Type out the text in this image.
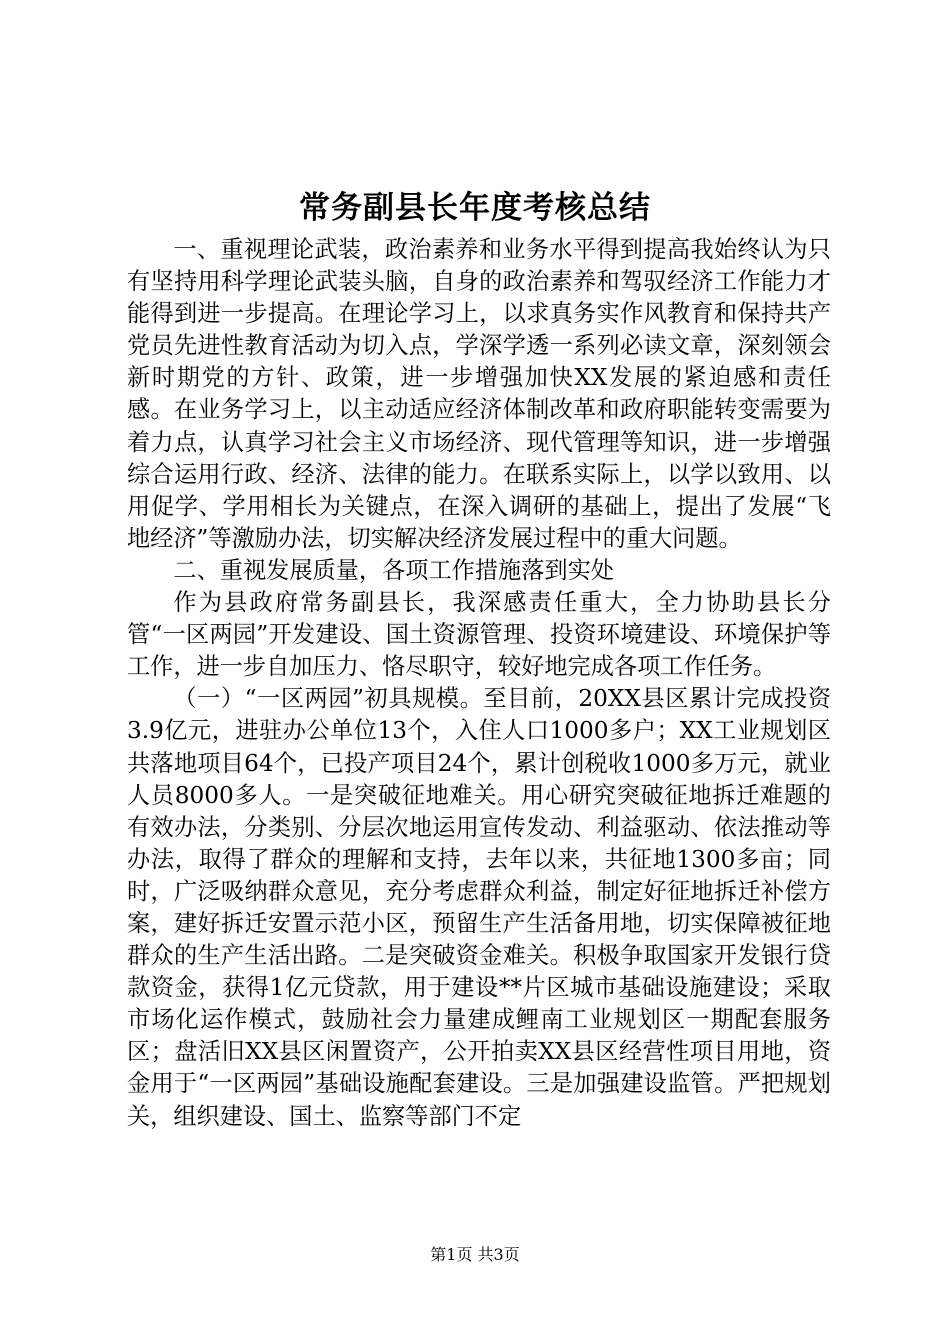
常务副县长年度考核总结

一、重视理论武装，政治素养和业务水平得到提高我始终认为只有坚持用科学理论武装头脑，自身的政治素养和驾驭经济工作能力才能得到进一步提高。在理论学习上，以求真务实作风教育和保持共产党员先进性教育活动为切入点，学深学透一系列必读文章，深刻领会新时期党的方针、政策，进一步增强加快XX发展的紧迫感和责任感。在业务学习上，以主动适应经济体制改革和政府职能转变需要为着力点，认真学习社会主义市场经济、现代管理等知识，进一步增强综合运用行政、经济、法律的能力。在联系实际上，以学以致用、以用促学、学用相长为关键点，在深入调研的基础上，提出了发展“飞地经济”等激励办法，切实解决经济发展过程中的重大问题。

二、重视发展质量，各项工作措施落到实处

作为县政府常务副县长，我深感责任重大，全力协助县长分管“一区两园”开发建设、国土资源管理、投资环境建设、环境保护等工作，进一步自加压力、恪尽职守，较好地完成各项工作任务。

（一）“一区两园”初具规模。至目前，20XX县区累计完成投资3.9亿元，进驻办公单位13个，入住人口1000多户；XX工业规划区共落地项目64个，已投产项目24个，累计创税收1000多万元，就业人员8000多人。一是突破征地难关。用心研究突破征地拆迁难题的有效办法，分类别、分层次地运用宣传发动、利益驱动、依法推动等办法，取得了群众的理解和支持，去年以来，共征地1300多亩；同时，广泛吸纳群众意见，充分考虑群众利益，制定好征地拆迁补偿方案，建好拆迁安置示范小区，预留生产生活备用地，切实保障被征地群众的生产生活出路。二是突破资金难关。积极争取国家开发银行贷款资金，获得1亿元贷款，用于建设**片区城市基础设施建设；采取市场化运作模式，鼓励社会力量建成鲤南工业规划区一期配套服务区；盘活旧XX县区闲置资产，公开拍卖XX县区经营性项目用地，资金用于“一区两园”基础设施配套建设。三是加强建设监管。严把规划关，组织建设、国土、监察等部门不定

第1页 共3页
